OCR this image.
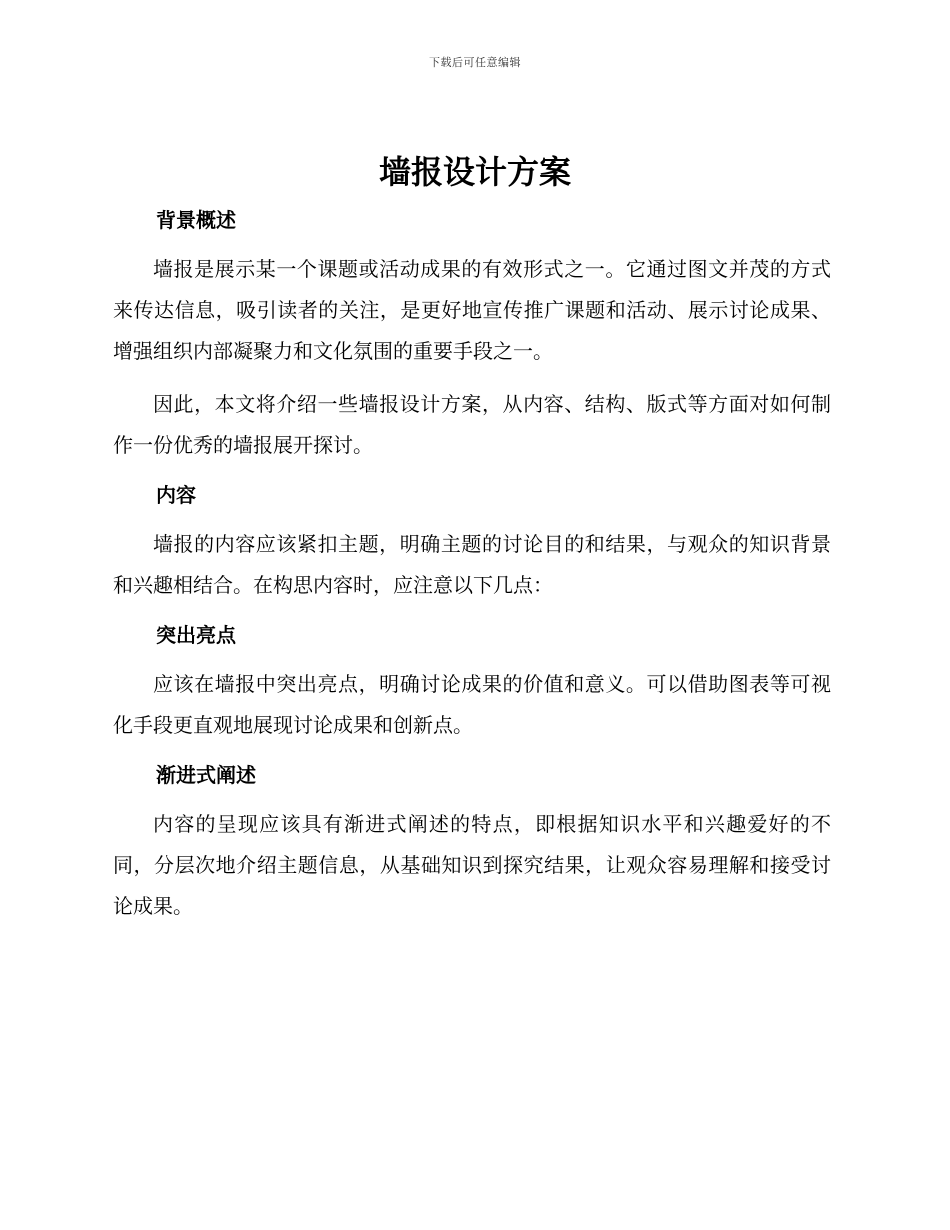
下载后可任意编辑
墙报设计方案
背景概述

墙报是展示某一个课题或活动成果的有效形式之一。它通过图文并茂的方式来传达信息，吸引读者的关注，是更好地宣传推广课题和活动、展示讨论成果、增强组织内部凝聚力和文化氛围的重要手段之一。

因此，本文将介绍一些墙报设计方案，从内容、结构、版式等方面对如何制作一份优秀的墙报展开探讨。

内容

墙报的内容应该紧扣主题，明确主题的讨论目的和结果，与观众的知识背景和兴趣相结合。在构思内容时，应注意以下几点：

突出亮点

应该在墙报中突出亮点，明确讨论成果的价值和意义。可以借助图表等可视化手段更直观地展现讨论成果和创新点。

渐进式阐述

内容的呈现应该具有渐进式阐述的特点，即根据知识水平和兴趣爱好的不同，分层次地介绍主题信息，从基础知识到探究结果，让观众容易理解和接受讨论成果。
